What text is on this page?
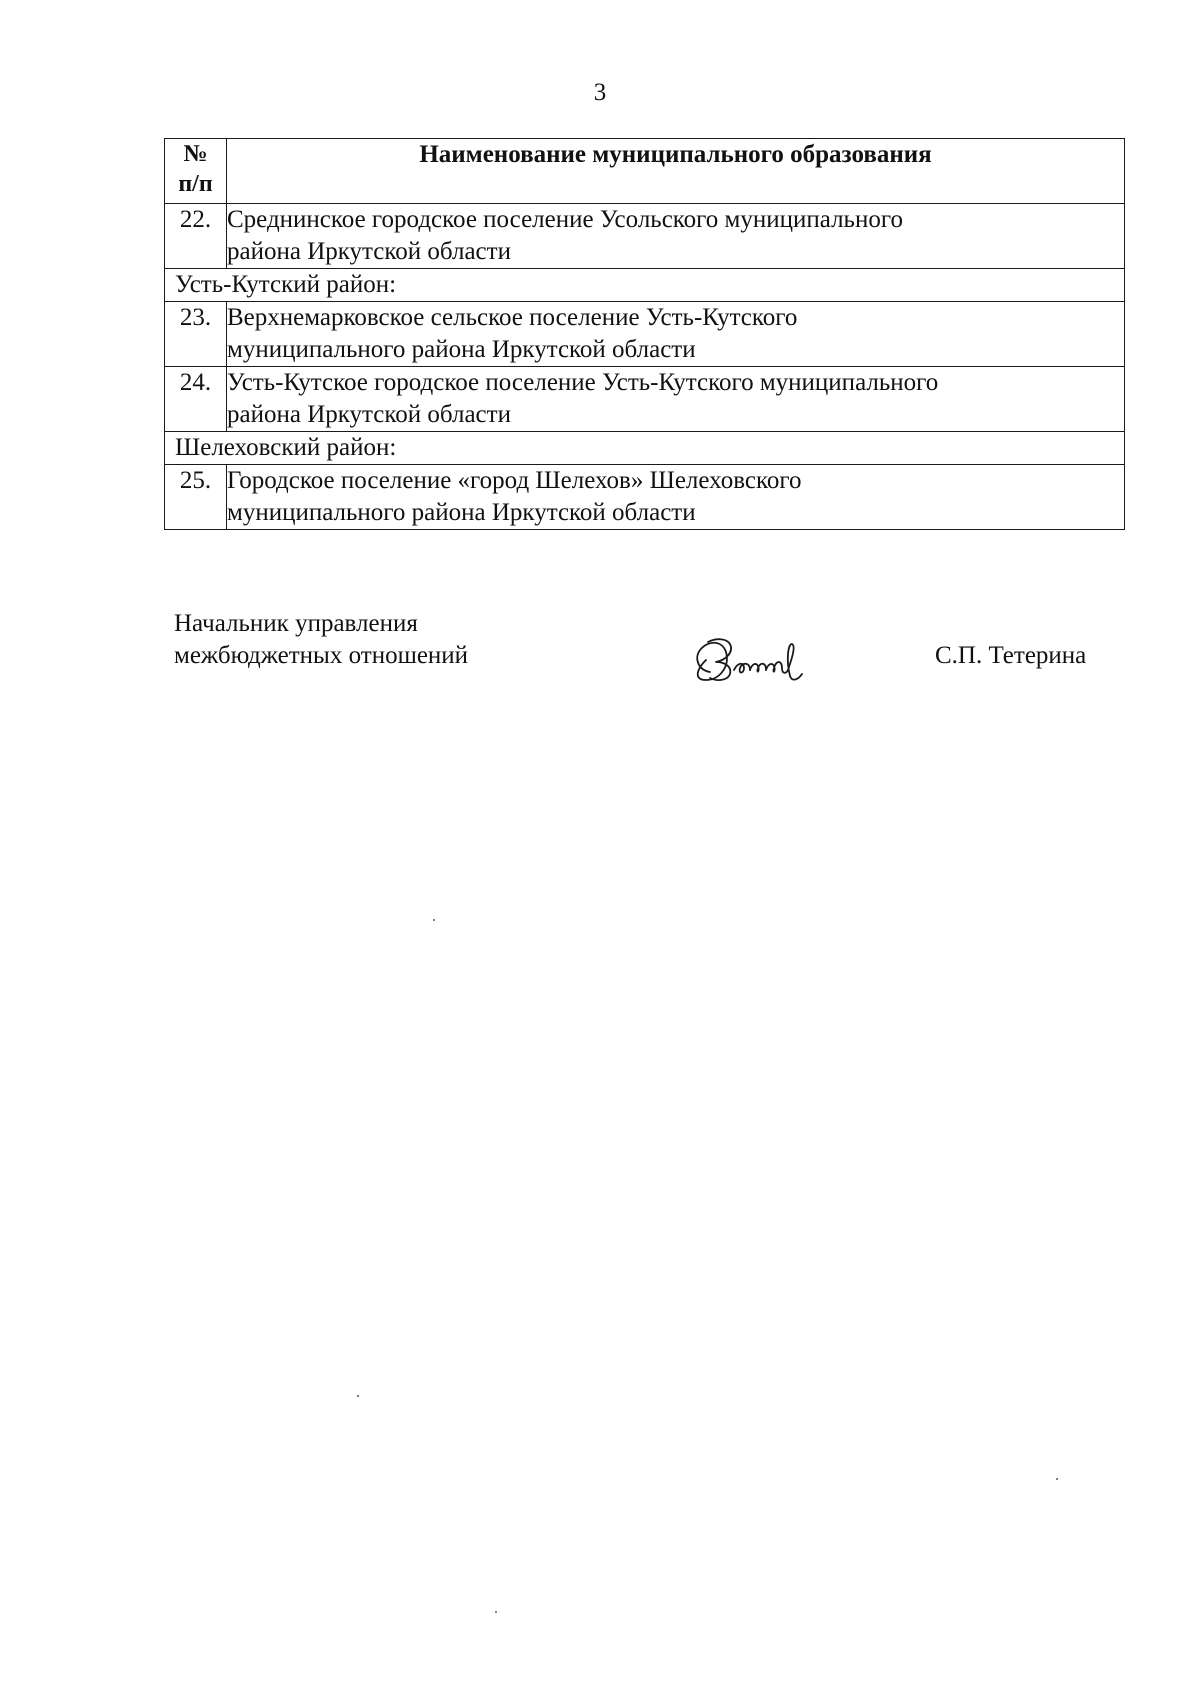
3
№
п/п	Наименование муниципального образования
22.	Среднинское городское поселение Усольского муниципального
района Иркутской области
Усть-Кутский район:	
23.	Верхнемарковское сельское поселение Усть-Кутского
муниципального района Иркутской области
24.	Усть-Кутское городское поселение Усть-Кутского муниципального
района Иркутской области
Шелеховский район:	
25.	Городское поселение «город Шелехов» Шелеховского
муниципального района Иркутской области
Начальник управления
межбюджетных отношений	С.П. Тетерина
